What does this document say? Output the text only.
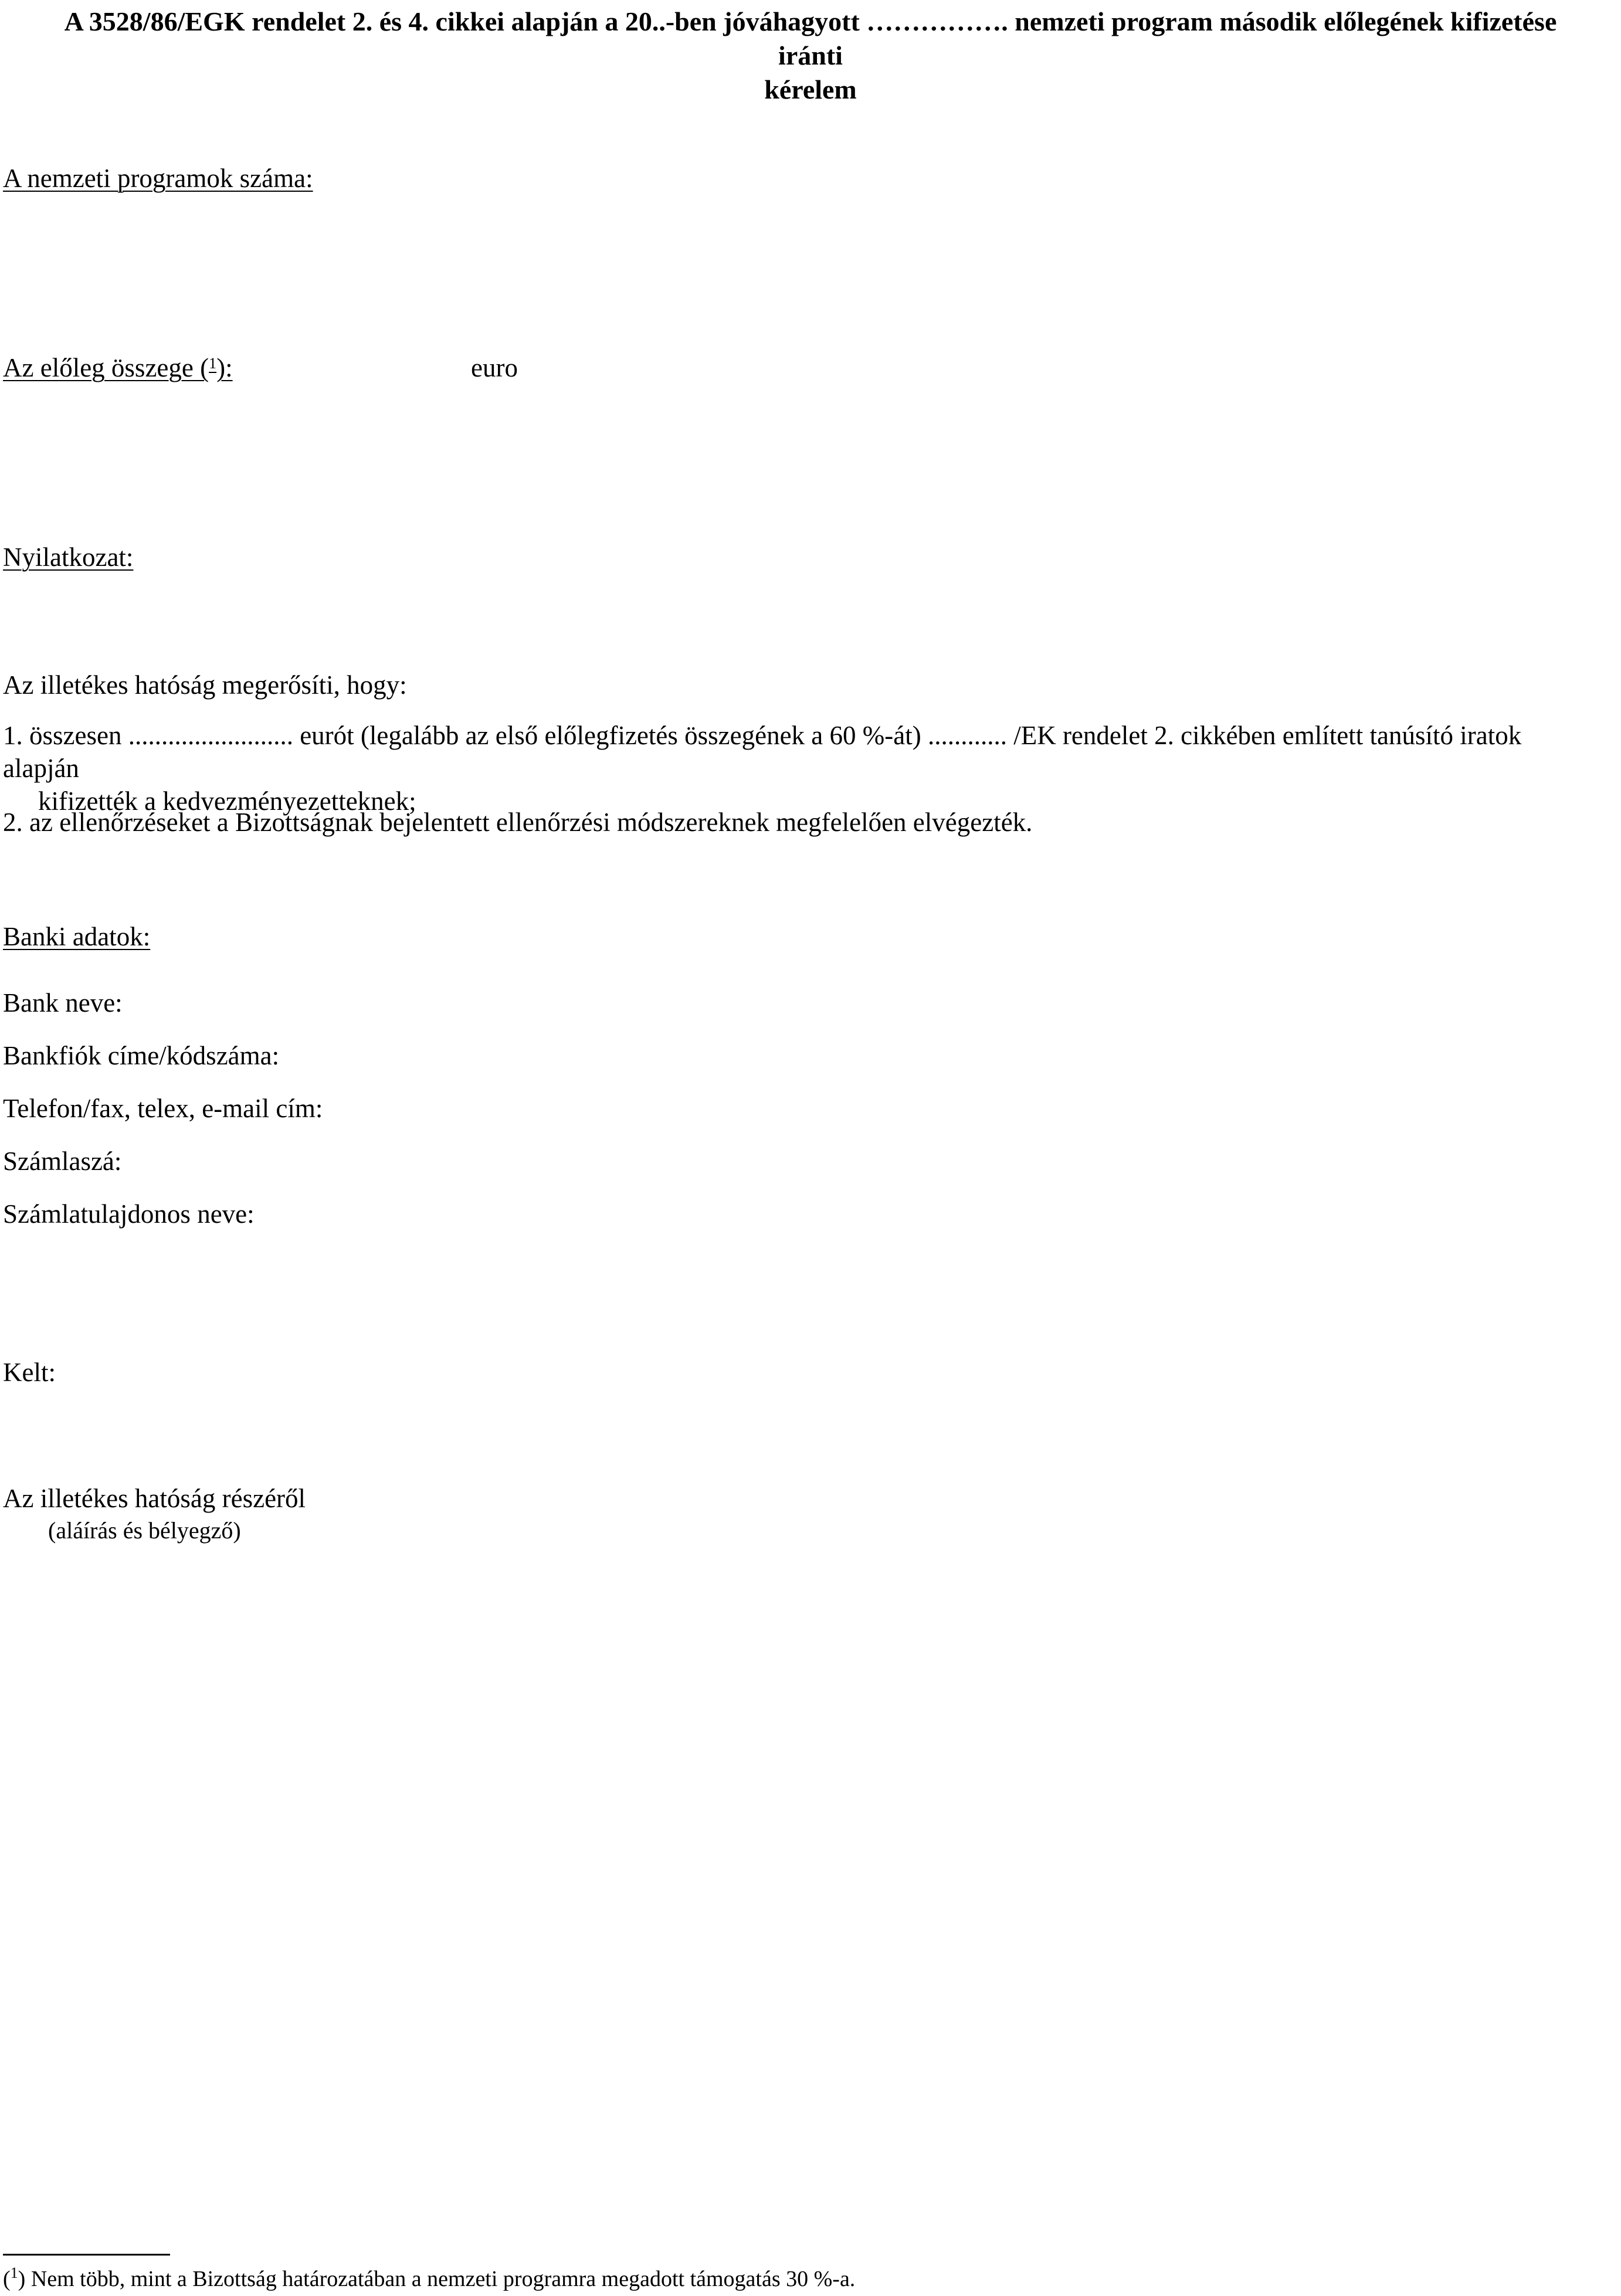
A 3528/86/EGK rendelet 2. és 4. cikkei alapján a 20..-ben jóváhagyott ……………. nemzeti program második előlegének kifizetése iránti
kérelem
A nemzeti programok száma:
Az előleg összege ($^1$):	euro
Nyilatkozat:
Az illetékes hatóság megerősíti, hogy:
1. összesen ......................... eurót (legalább az első előlegfizetés összegének a 60 %-át) ............ /EK rendelet 2. cikkében említett tanúsító iratok alapján
kifizették a kedvezményezetteknek;
2. az ellenőrzéseket a Bizottságnak bejelentett ellenőrzési módszereknek megfelelően elvégezték.
Banki adatok:
Bank neve:
Bankfiók címe/kódszáma:
Telefon/fax, telex, e-mail cím:
Számlaszá:
Számlatulajdonos neve:
Kelt:
Az illetékes hatóság részéről
(aláírás és bélyegző)
($^1$) Nem több, mint a Bizottság határozatában a nemzeti programra megadott támogatás 30 %-a.
